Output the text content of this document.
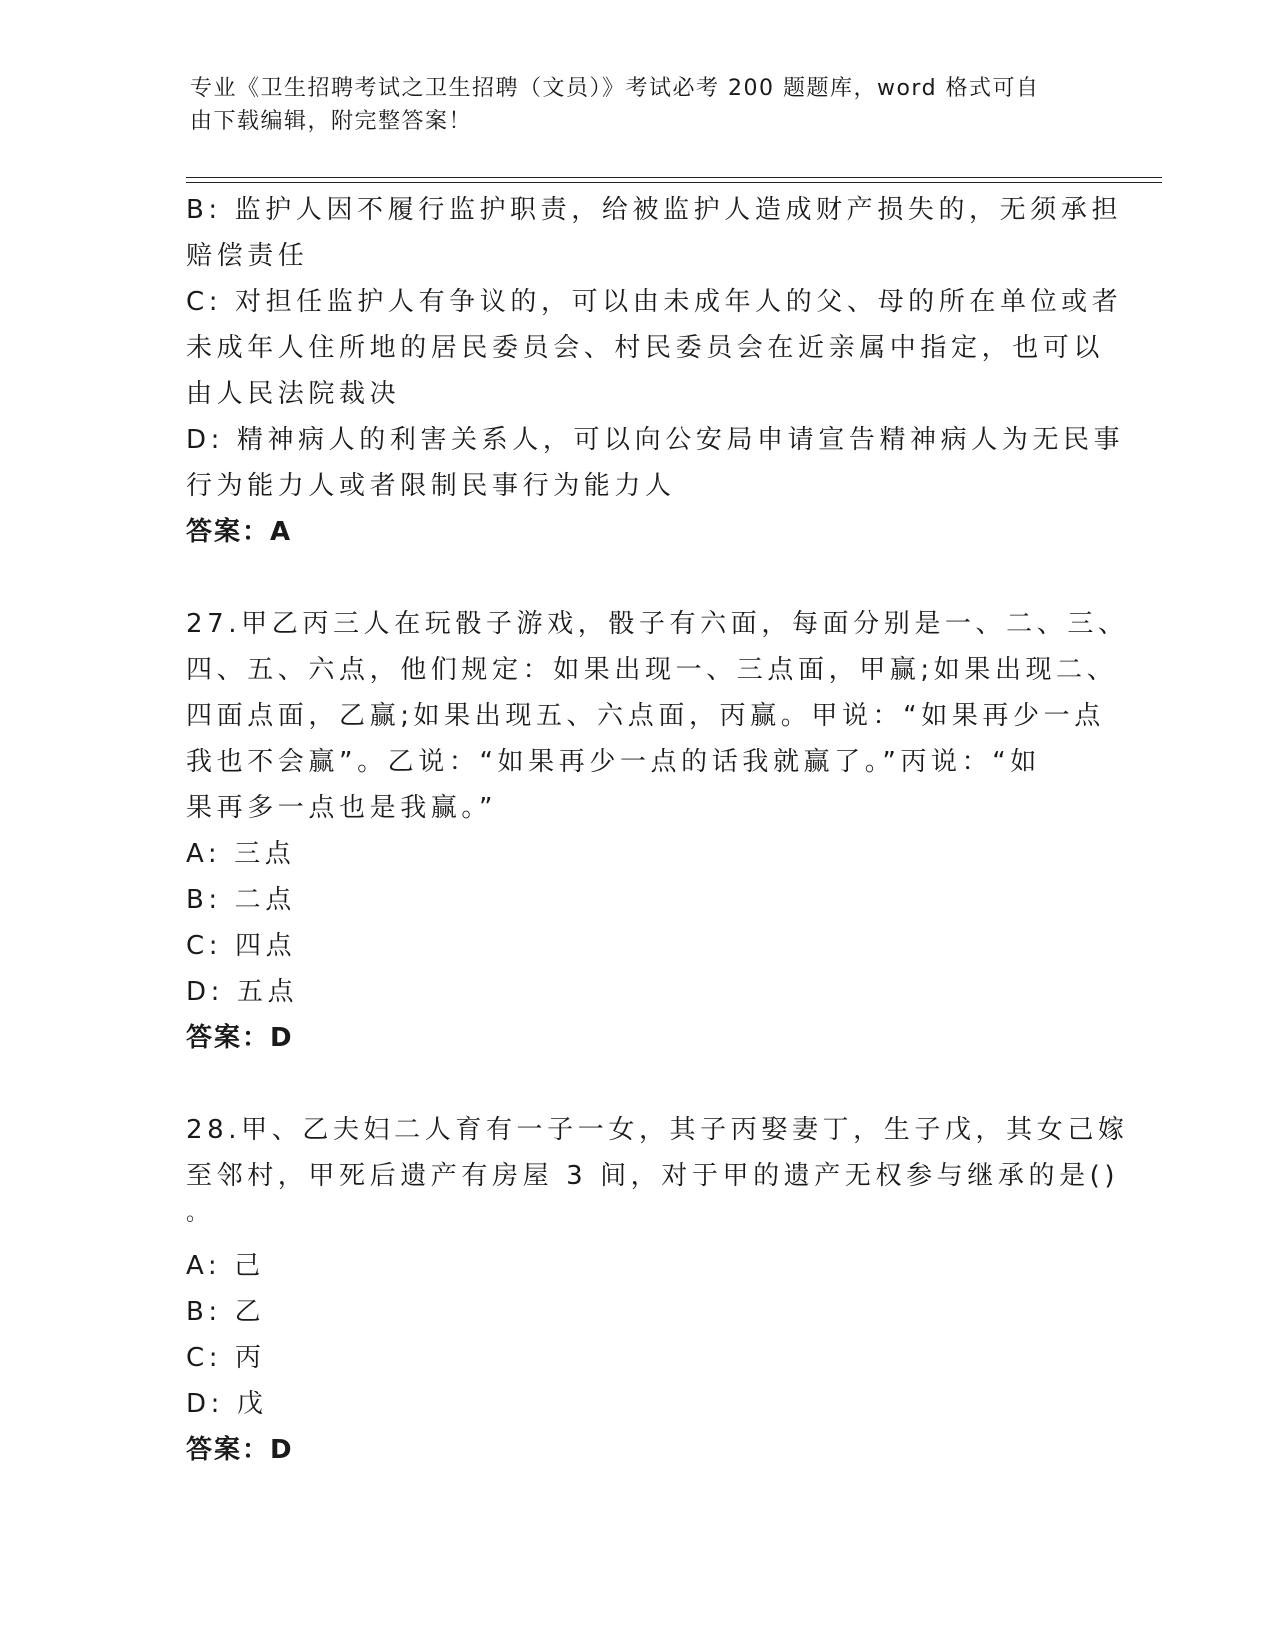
专业《卫生招聘考试之卫生招聘（文员）》考试必考 200 题题库，word 格式可自
由下载编辑，附完整答案！
B: 监护人因不履行监护职责，给被监护人造成财产损失的，无须承担
赔偿责任
C: 对担任监护人有争议的，可以由未成年人的父、母的所在单位或者
未成年人住所地的居民委员会、村民委员会在近亲属中指定，也可以
由人民法院裁决
D: 精神病人的利害关系人，可以向公安局申请宣告精神病人为无民事
行为能力人或者限制民事行为能力人
答案：A
27.甲乙丙三人在玩骰子游戏，骰子有六面，每面分别是一、二、三、
四、五、六点，他们规定：如果出现一、三点面，甲赢;如果出现二、
四面点面，乙赢;如果出现五、六点面，丙赢。甲说：“如果再少一点
我也不会赢”。乙说：“如果再少一点的话我就赢了。”丙说：“如
果再多一点也是我赢。”
A: 三点
B: 二点
C: 四点
D: 五点
答案：D
28.甲、乙夫妇二人育有一子一女，其子丙娶妻丁，生子戊，其女己嫁
至邻村，甲死后遗产有房屋 3 间，对于甲的遗产无权参与继承的是()
。
A: 己
B: 乙
C: 丙
D: 戊
答案：D
